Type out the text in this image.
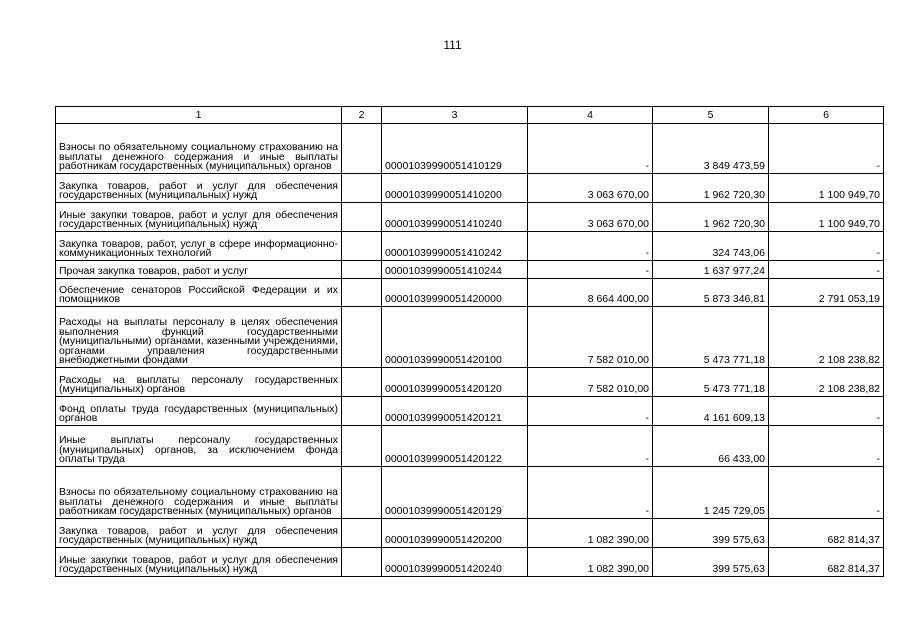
111
1	2	3	4	5	6
Взносы по обязательному социальному страхованию на выплаты денежного содержания и иные выплаты работникам государственных (муниципальных) органов		00001039990051410129	-	3 849 473,59	-
Закупка товаров, работ и услуг для обеспечения государственных (муниципальных) нужд		00001039990051410200	3 063 670,00	1 962 720,30	1 100 949,70
Иные закупки товаров, работ и услуг для обеспечения государственных (муниципальных) нужд		00001039990051410240	3 063 670,00	1 962 720,30	1 100 949,70
Закупка товаров, работ, услуг в сфере информационно-коммуникационных технологий		00001039990051410242	-	324 743,06	-
Прочая закупка товаров, работ и услуг		00001039990051410244	-	1 637 977,24	-
Обеспечение сенаторов Российской Федерации и их помощников		00001039990051420000	8 664 400,00	5 873 346,81	2 791 053,19
Расходы на выплаты персоналу в целях обеспечения выполнения функций государственными (муниципальными) органами, казенными учреждениями, органами управления государственными внебюджетными фондами		00001039990051420100	7 582 010,00	5 473 771,18	2 108 238,82
Расходы на выплаты персоналу государственных (муниципальных) органов		00001039990051420120	7 582 010,00	5 473 771,18	2 108 238,82
Фонд оплаты труда государственных (муниципальных) органов		00001039990051420121	-	4 161 609,13	-
Иные выплаты персоналу государственных (муниципальных) органов, за исключением фонда оплаты труда		00001039990051420122	-	66 433,00	-
Взносы по обязательному социальному страхованию на выплаты денежного содержания и иные выплаты работникам государственных (муниципальных) органов		00001039990051420129	-	1 245 729,05	-
Закупка товаров, работ и услуг для обеспечения государственных (муниципальных) нужд		00001039990051420200	1 082 390,00	399 575,63	682 814,37
Иные закупки товаров, работ и услуг для обеспечения государственных (муниципальных) нужд		00001039990051420240	1 082 390,00	399 575,63	682 814,37
